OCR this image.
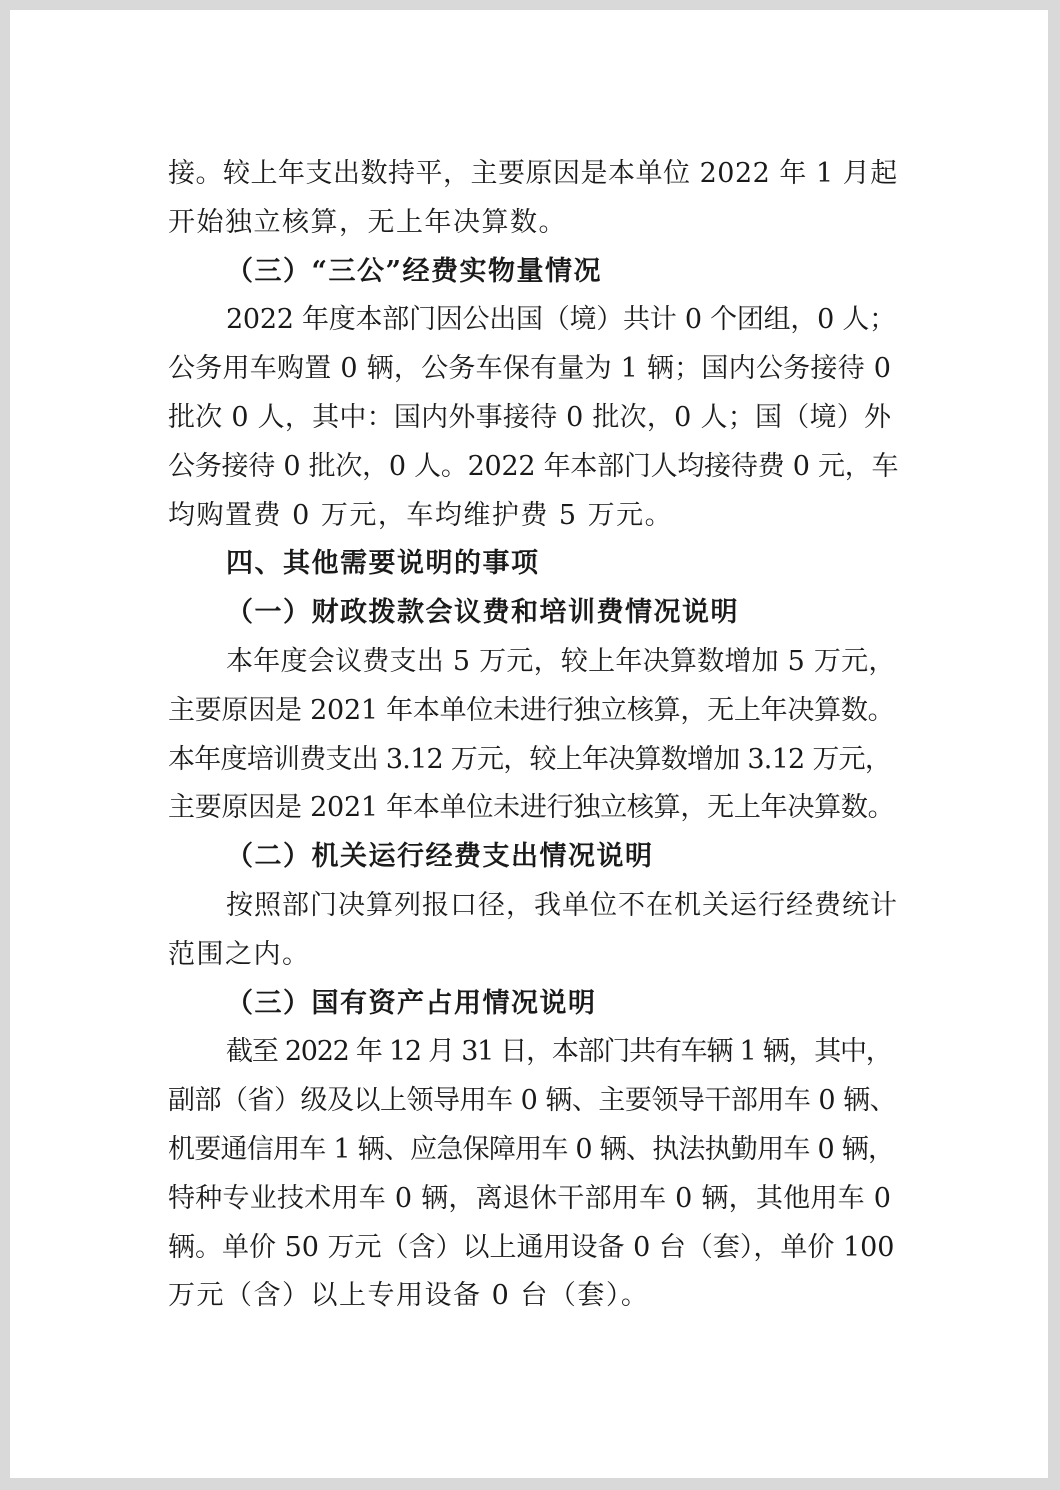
接。较上年支出数持平，主要原因是本单位 2022 年 1 月起
开始独立核算，无上年决算数。
（三）“三公”经费实物量情况
2022 年度本部门因公出国（境）共计 0 个团组，0 人；
公务用车购置 0 辆，公务车保有量为 1 辆；国内公务接待 0
批次 0 人，其中：国内外事接待 0 批次，0 人；国（境）外
公务接待 0 批次，0 人。2022 年本部门人均接待费 0 元，车
均购置费 0 万元，车均维护费 5 万元。
四、其他需要说明的事项
（一）财政拨款会议费和培训费情况说明
本年度会议费支出 5 万元，较上年决算数增加 5 万元，
主要原因是 2021 年本单位未进行独立核算，无上年决算数。
本年度培训费支出 3.12 万元，较上年决算数增加 3.12 万元，
主要原因是 2021 年本单位未进行独立核算，无上年决算数。
（二）机关运行经费支出情况说明
按照部门决算列报口径，我单位不在机关运行经费统计
范围之内。
（三）国有资产占用情况说明
截至 2022 年 12 月 31 日，本部门共有车辆 1 辆，其中，
副部（省）级及以上领导用车 0 辆、主要领导干部用车 0 辆、
机要通信用车 1 辆、应急保障用车 0 辆、执法执勤用车 0 辆，
特种专业技术用车 0 辆，离退休干部用车 0 辆，其他用车 0
辆。单价 50 万元（含）以上通用设备 0 台（套），单价 100
万元（含）以上专用设备 0 台（套）。
